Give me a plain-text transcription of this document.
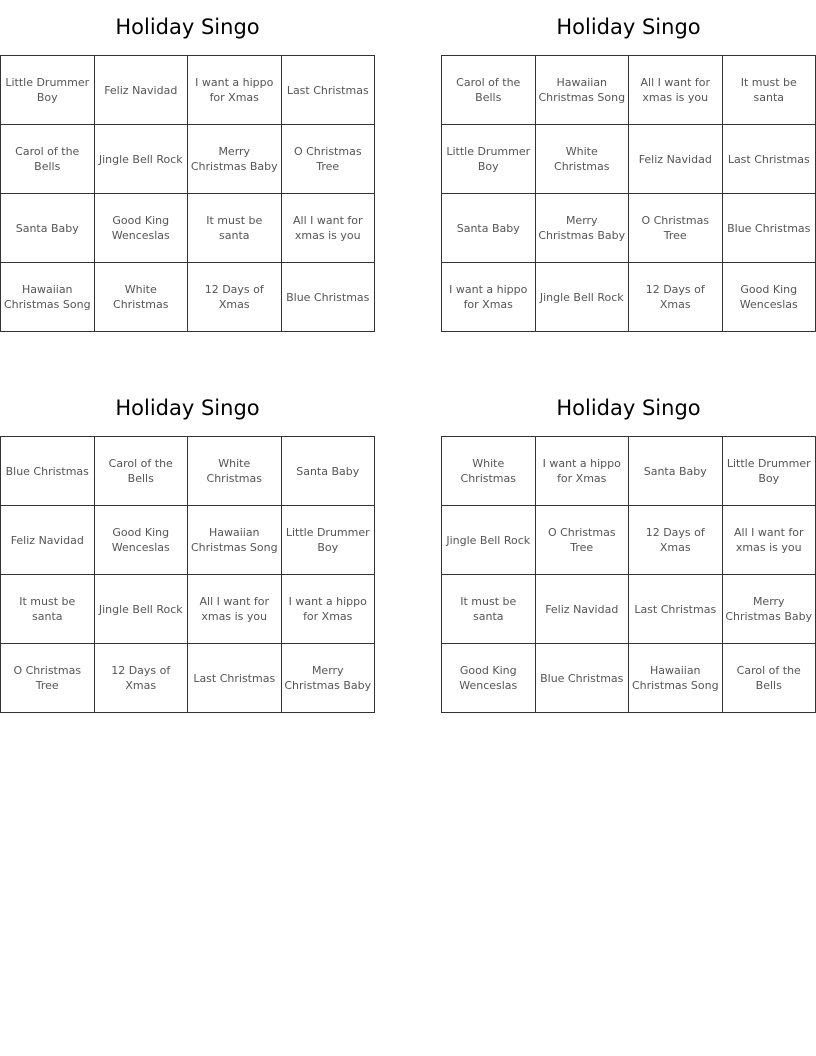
Holiday Singo
Little Drummer Boy	Feliz Navidad	I want a hippo for Xmas	Last Christmas
Carol of the Bells	Jingle Bell Rock	Merry Christmas Baby	O Christmas Tree
Santa Baby	Good King Wenceslas	It must be santa	All I want for xmas is you
Hawaiian Christmas Song	White Christmas	12 Days of Xmas	Blue Christmas
Holiday Singo
Carol of the Bells	Hawaiian Christmas Song	All I want for xmas is you	It must be santa
Little Drummer Boy	White Christmas	Feliz Navidad	Last Christmas
Santa Baby	Merry Christmas Baby	O Christmas Tree	Blue Christmas
I want a hippo for Xmas	Jingle Bell Rock	12 Days of Xmas	Good King Wenceslas
Holiday Singo
Blue Christmas	Carol of the Bells	White Christmas	Santa Baby
Feliz Navidad	Good King Wenceslas	Hawaiian Christmas Song	Little Drummer Boy
It must be santa	Jingle Bell Rock	All I want for xmas is you	I want a hippo for Xmas
O Christmas Tree	12 Days of Xmas	Last Christmas	Merry Christmas Baby
Holiday Singo
White Christmas	I want a hippo for Xmas	Santa Baby	Little Drummer Boy
Jingle Bell Rock	O Christmas Tree	12 Days of Xmas	All I want for xmas is you
It must be santa	Feliz Navidad	Last Christmas	Merry Christmas Baby
Good King Wenceslas	Blue Christmas	Hawaiian Christmas Song	Carol of the Bells
